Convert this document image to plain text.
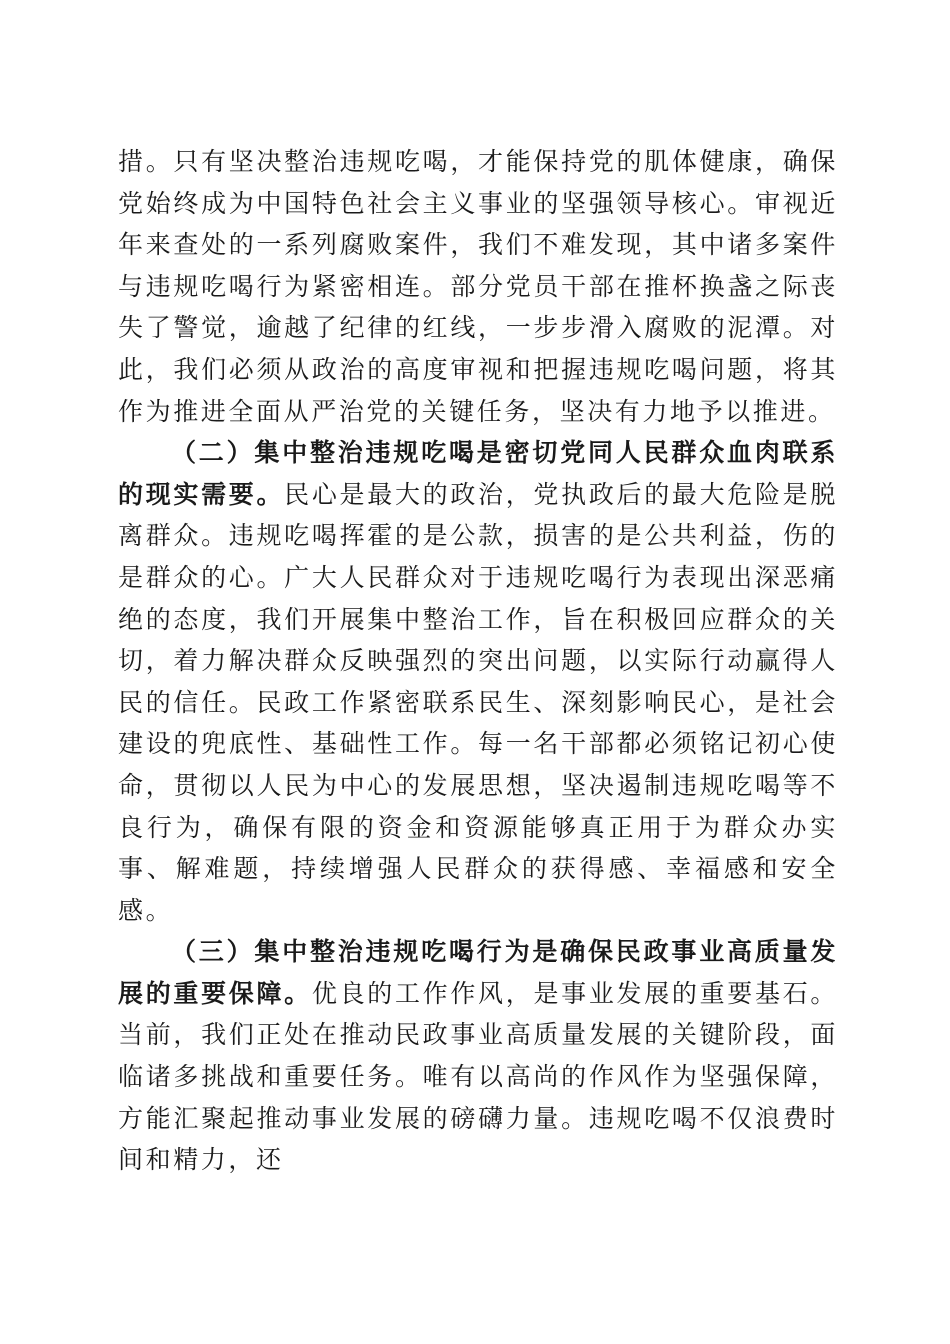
措。只有坚决整治违规吃喝，才能保持党的肌体健康，确保党始终成为中国特色社会主义事业的坚强领导核心。审视近年来查处的一系列腐败案件，我们不难发现，其中诸多案件与违规吃喝行为紧密相连。部分党员干部在推杯换盏之际丧失了警觉，逾越了纪律的红线，一步步滑入腐败的泥潭。对此，我们必须从政治的高度审视和把握违规吃喝问题，将其作为推进全面从严治党的关键任务，坚决有力地予以推进。

（二）集中整治违规吃喝是密切党同人民群众血肉联系的现实需要。民心是最大的政治，党执政后的最大危险是脱离群众。违规吃喝挥霍的是公款，损害的是公共利益，伤的是群众的心。广大人民群众对于违规吃喝行为表现出深恶痛绝的态度，我们开展集中整治工作，旨在积极回应群众的关切，着力解决群众反映强烈的突出问题，以实际行动赢得人民的信任。民政工作紧密联系民生、深刻影响民心，是社会建设的兜底性、基础性工作。每一名干部都必须铭记初心使命，贯彻以人民为中心的发展思想，坚决遏制违规吃喝等不良行为，确保有限的资金和资源能够真正用于为群众办实事、解难题，持续增强人民群众的获得感、幸福感和安全感。

（三）集中整治违规吃喝行为是确保民政事业高质量发展的重要保障。优良的工作作风，是事业发展的重要基石。当前，我们正处在推动民政事业高质量发展的关键阶段，面临诸多挑战和重要任务。唯有以高尚的作风作为坚强保障，方能汇聚起推动事业发展的磅礴力量。违规吃喝不仅浪费时间和精力，还
